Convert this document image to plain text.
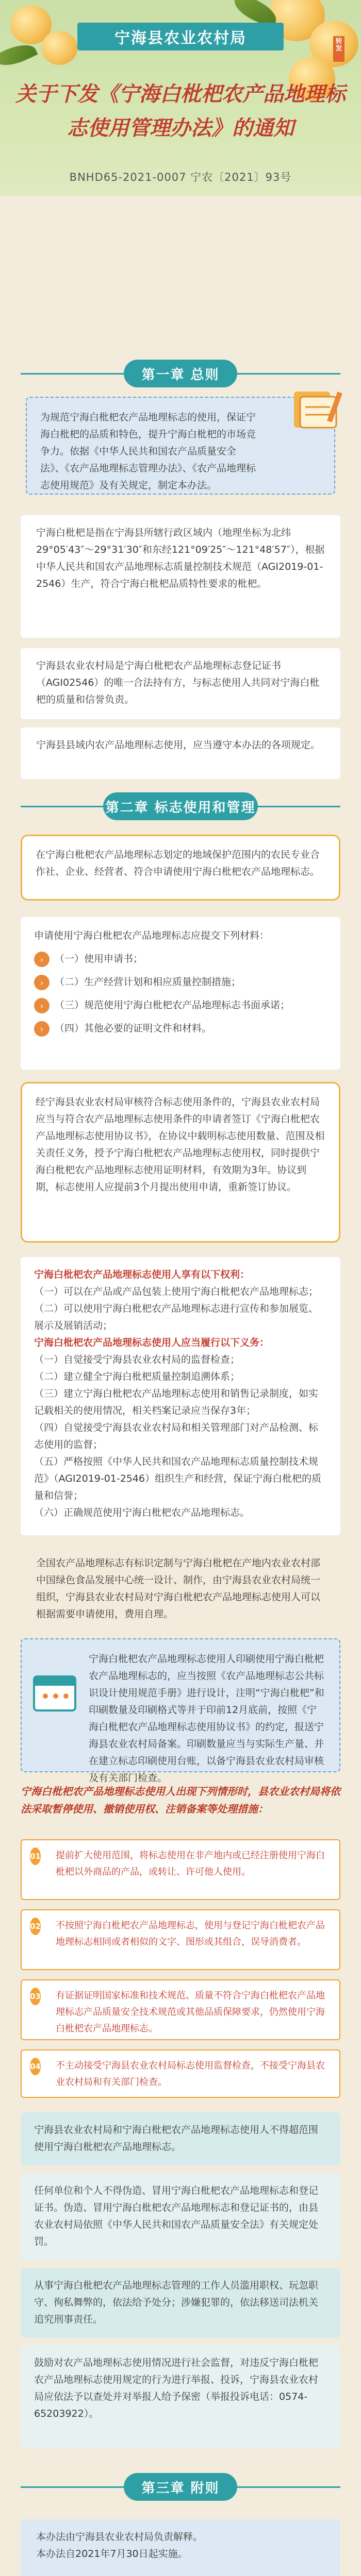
宁海县农业农村局	转发
关于下发《宁海白枇杷农产品地理标志使用管理办法》的通知
BNHD65-2021-0007 宁农〔2021〕93号
第一章 总则
为规范宁海白枇杷农产品地理标志的使用，保证宁海白枇杷的品质和特色，提升宁海白枇杷的市场竞争力。依据《中华人民共和国农产品质量安全法》、《农产品地理标志管理办法》、《农产品地理标志使用规范》及有关规定，制定本办法。
宁海白枇杷是指在宁海县所辖行政区域内（地理坐标为北纬29°05′43″～29°31′30″和东经121°09′25″～121°48′57″），根据中华人民共和国农产品地理标志质量控制技术规范（AGI2019-01-2546）生产，符合宁海白枇杷品质特性要求的枇杷。
宁海县农业农村局是宁海白枇杷农产品地理标志登记证书（AGI02546）的唯一合法持有方，与标志使用人共同对宁海白枇杷的质量和信誉负责。
宁海县县域内农产品地理标志使用，应当遵守本办法的各项规定。
第二章 标志使用和管理
在宁海白枇杷农产品地理标志划定的地域保护范围内的农民专业合作社、企业、经营者、符合申请使用宁海白枇杷农产品地理标志。
申请使用宁海白枇杷农产品地理标志应提交下列材料：
›	（一）使用申请书；
›	（二）生产经营计划和相应质量控制措施；
›	（三）规范使用宁海白枇杷农产品地理标志书面承诺；
›	（四）其他必要的证明文件和材料。
经宁海县农业农村局审核符合标志使用条件的，宁海县农业农村局应当与符合农产品地理标志使用条件的申请者签订《宁海白枇杷农产品地理标志使用协议书》，在协议中载明标志使用数量、范围及相关责任义务，授予宁海白枇杷农产品地理标志使用权，同时提供宁海白枇杷农产品地理标志使用证明材料，有效期为3年。协议到期，标志使用人应提前3个月提出使用申请，重新签订协议。
宁海白枇杷农产品地理标志使用人享有以下权利：
（一）可以在产品或产品包装上使用宁海白枇杷农产品地理标志；
（二）可以使用宁海白枇杷农产品地理标志进行宣传和参加展览、展示及展销活动；
宁海白枇杷农产品地理标志使用人应当履行以下义务：
（一）自觉接受宁海县农业农村局的监督检查；
（二）建立健全宁海白枇杷质量控制追溯体系；
（三）建立宁海白枇杷农产品地理标志使用和销售记录制度，如实记载相关的使用情况，相关档案记录应当保存3年；
（四）自觉接受宁海县农业农村局和相关管理部门对产品检测、标志使用的监督；
（五）严格按照《中华人民共和国农产品地理标志质量控制技术规范》（AGI2019-01-2546）组织生产和经营，保证宁海白枇杷的质量和信誉；
（六）正确规范使用宁海白枇杷农产品地理标志。
全国农产品地理标志有标识定制与宁海白枇杷在产地内农业农村部中国绿色食品发展中心统一设计、制作，由宁海县农业农村局统一组织，宁海县农业农村局对宁海白枇杷农产品地理标志使用人可以根据需要申请使用，费用自理。
宁海白枇杷农产品地理标志使用人印刷使用宁海白枇杷农产品地理标志的，应当按照《农产品地理标志公共标识设计使用规范手册》进行设计，注明“宁海白枇杷”和印刷数量及印刷格式等并于印前12月底前，按照《宁海白枇杷农产品地理标志使用协议书》的约定，报送宁海县农业农村局备案。印刷数量应当与实际生产量、并在建立标志印刷使用台账，以备宁海县农业农村局审核及有关部门检查。
宁海白枇杷农产品地理标志使用人出现下列情形时，县农业农村局将依法采取暂停使用、撤销使用权、注销备案等处理措施：
01 提前扩大使用范围，将标志使用在非产地内或已经注册使用宁海白枇杷以外商品的产品，或转让、许可他人使用。
02 不按照宁海白枇杷农产品地理标志，使用与登记宁海白枇杷农产品地理标志相同或者相似的文字、图形或其组合，误导消费者。
03 有证据证明国家标准和技术规范、质量不符合宁海白枇杷农产品地理标志产品质量安全技术规范或其他品质保障要求，仍然使用宁海白枇杷农产品地理标志。
04 不主动接受宁海县农业农村局标志使用监督检查，不接受宁海县农业农村局和有关部门检查。
宁海县农业农村局和宁海白枇杷农产品地理标志使用人不得超范围使用宁海白枇杷农产品地理标志。
任何单位和个人不得伪造、冒用宁海白枇杷农产品地理标志和登记证书。伪造、冒用宁海白枇杷农产品地理标志和登记证书的，由县农业农村局依照《中华人民共和国农产品质量安全法》有关规定处罚。
从事宁海白枇杷农产品地理标志管理的工作人员滥用职权、玩忽职守、徇私舞弊的，依法给予处分；涉嫌犯罪的，依法移送司法机关追究刑事责任。
鼓励对农产品地理标志使用情况进行社会监督，对违反宁海白枇杷农产品地理标志使用规定的行为进行举报、投诉，宁海县农业农村局应依法予以查处并对举报人给予保密（举报投诉电话：0574-65203922）。
第三章 附则
本办法由宁海县农业农村局负责解释。
本办法自2021年7月30日起实施。
